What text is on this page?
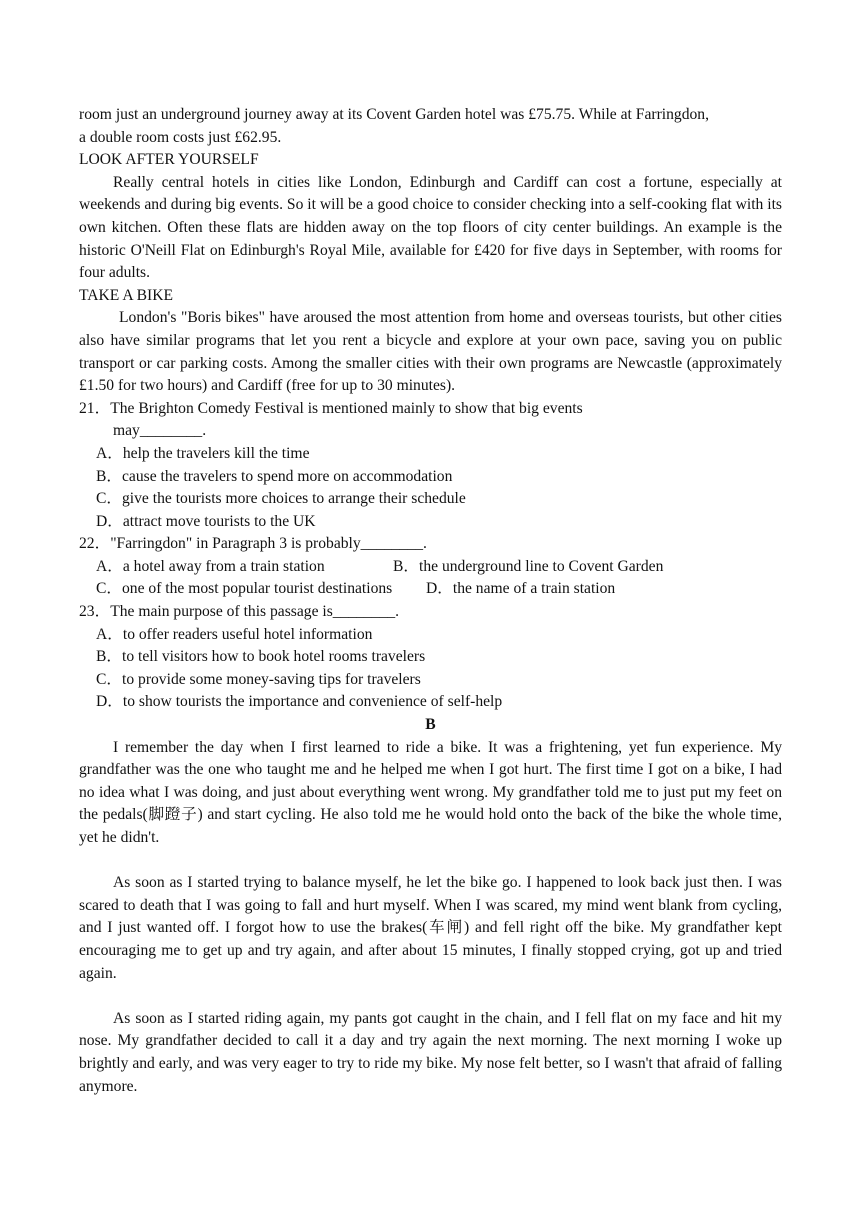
room just an underground journey away at its Covent Garden hotel was £75.75. While at Farringdon,

a double room costs just £62.95.

LOOK AFTER YOURSELF

Really central hotels in cities like London, Edinburgh and Cardiff can cost a fortune, especially at weekends and during big events. So it will be a good choice to consider checking into a self-cooking flat with its own kitchen. Often these flats are hidden away on the top floors of city center buildings. An example is the historic O'Neill Flat on Edinburgh's Royal Mile, available for £420 for five days in September, with rooms for four adults.

TAKE A BIKE

London's "Boris bikes" have aroused the most attention from home and overseas tourists, but other cities also have similar programs that let you rent a bicycle and explore at your own pace, saving you on public transport or car parking costs. Among the smaller cities with their own programs are Newcastle (approximately £1.50 for two hours) and Cardiff (free for up to 30 minutes).

21．The Brighton Comedy Festival is mentioned mainly to show that big events
may________.
A．help the travelers kill the time
B．cause the travelers to spend more on accommodation
C．give the tourists more choices to arrange their schedule
D．attract move tourists to the UK
22．"Farringdon" in Paragraph 3 is probably________.
A．a hotel away from a train station	B．the underground line to Covent Garden
C．one of the most popular tourist destinations	D．the name of a train station
23．The main purpose of this passage is________.
A．to offer readers useful hotel information
B．to tell visitors how to book hotel rooms travelers
C．to provide some money-saving tips for travelers
D．to show tourists the importance and convenience of self-help

B

I remember the day when I first learned to ride a bike. It was a frightening, yet fun experience. My grandfather was the one who taught me and he helped me when I got hurt. The first time I got on a bike, I had no idea what I was doing, and just about everything went wrong. My grandfather told me to just put my feet on the pedals(脚蹬子) and start cycling. He also told me he would hold onto the back of the bike the whole time, yet he didn't.

As soon as I started trying to balance myself, he let the bike go. I happened to look back just then. I was scared to death that I was going to fall and hurt myself. When I was scared, my mind went blank from cycling, and I just wanted off. I forgot how to use the brakes(车闸) and fell right off the bike. My grandfather kept encouraging me to get up and try again, and after about 15 minutes, I finally stopped crying, got up and tried again.

As soon as I started riding again, my pants got caught in the chain, and I fell flat on my face and hit my nose. My grandfather decided to call it a day and try again the next morning. The next morning I woke up brightly and early, and was very eager to try to ride my bike. My nose felt better, so I wasn't that afraid of falling anymore.
